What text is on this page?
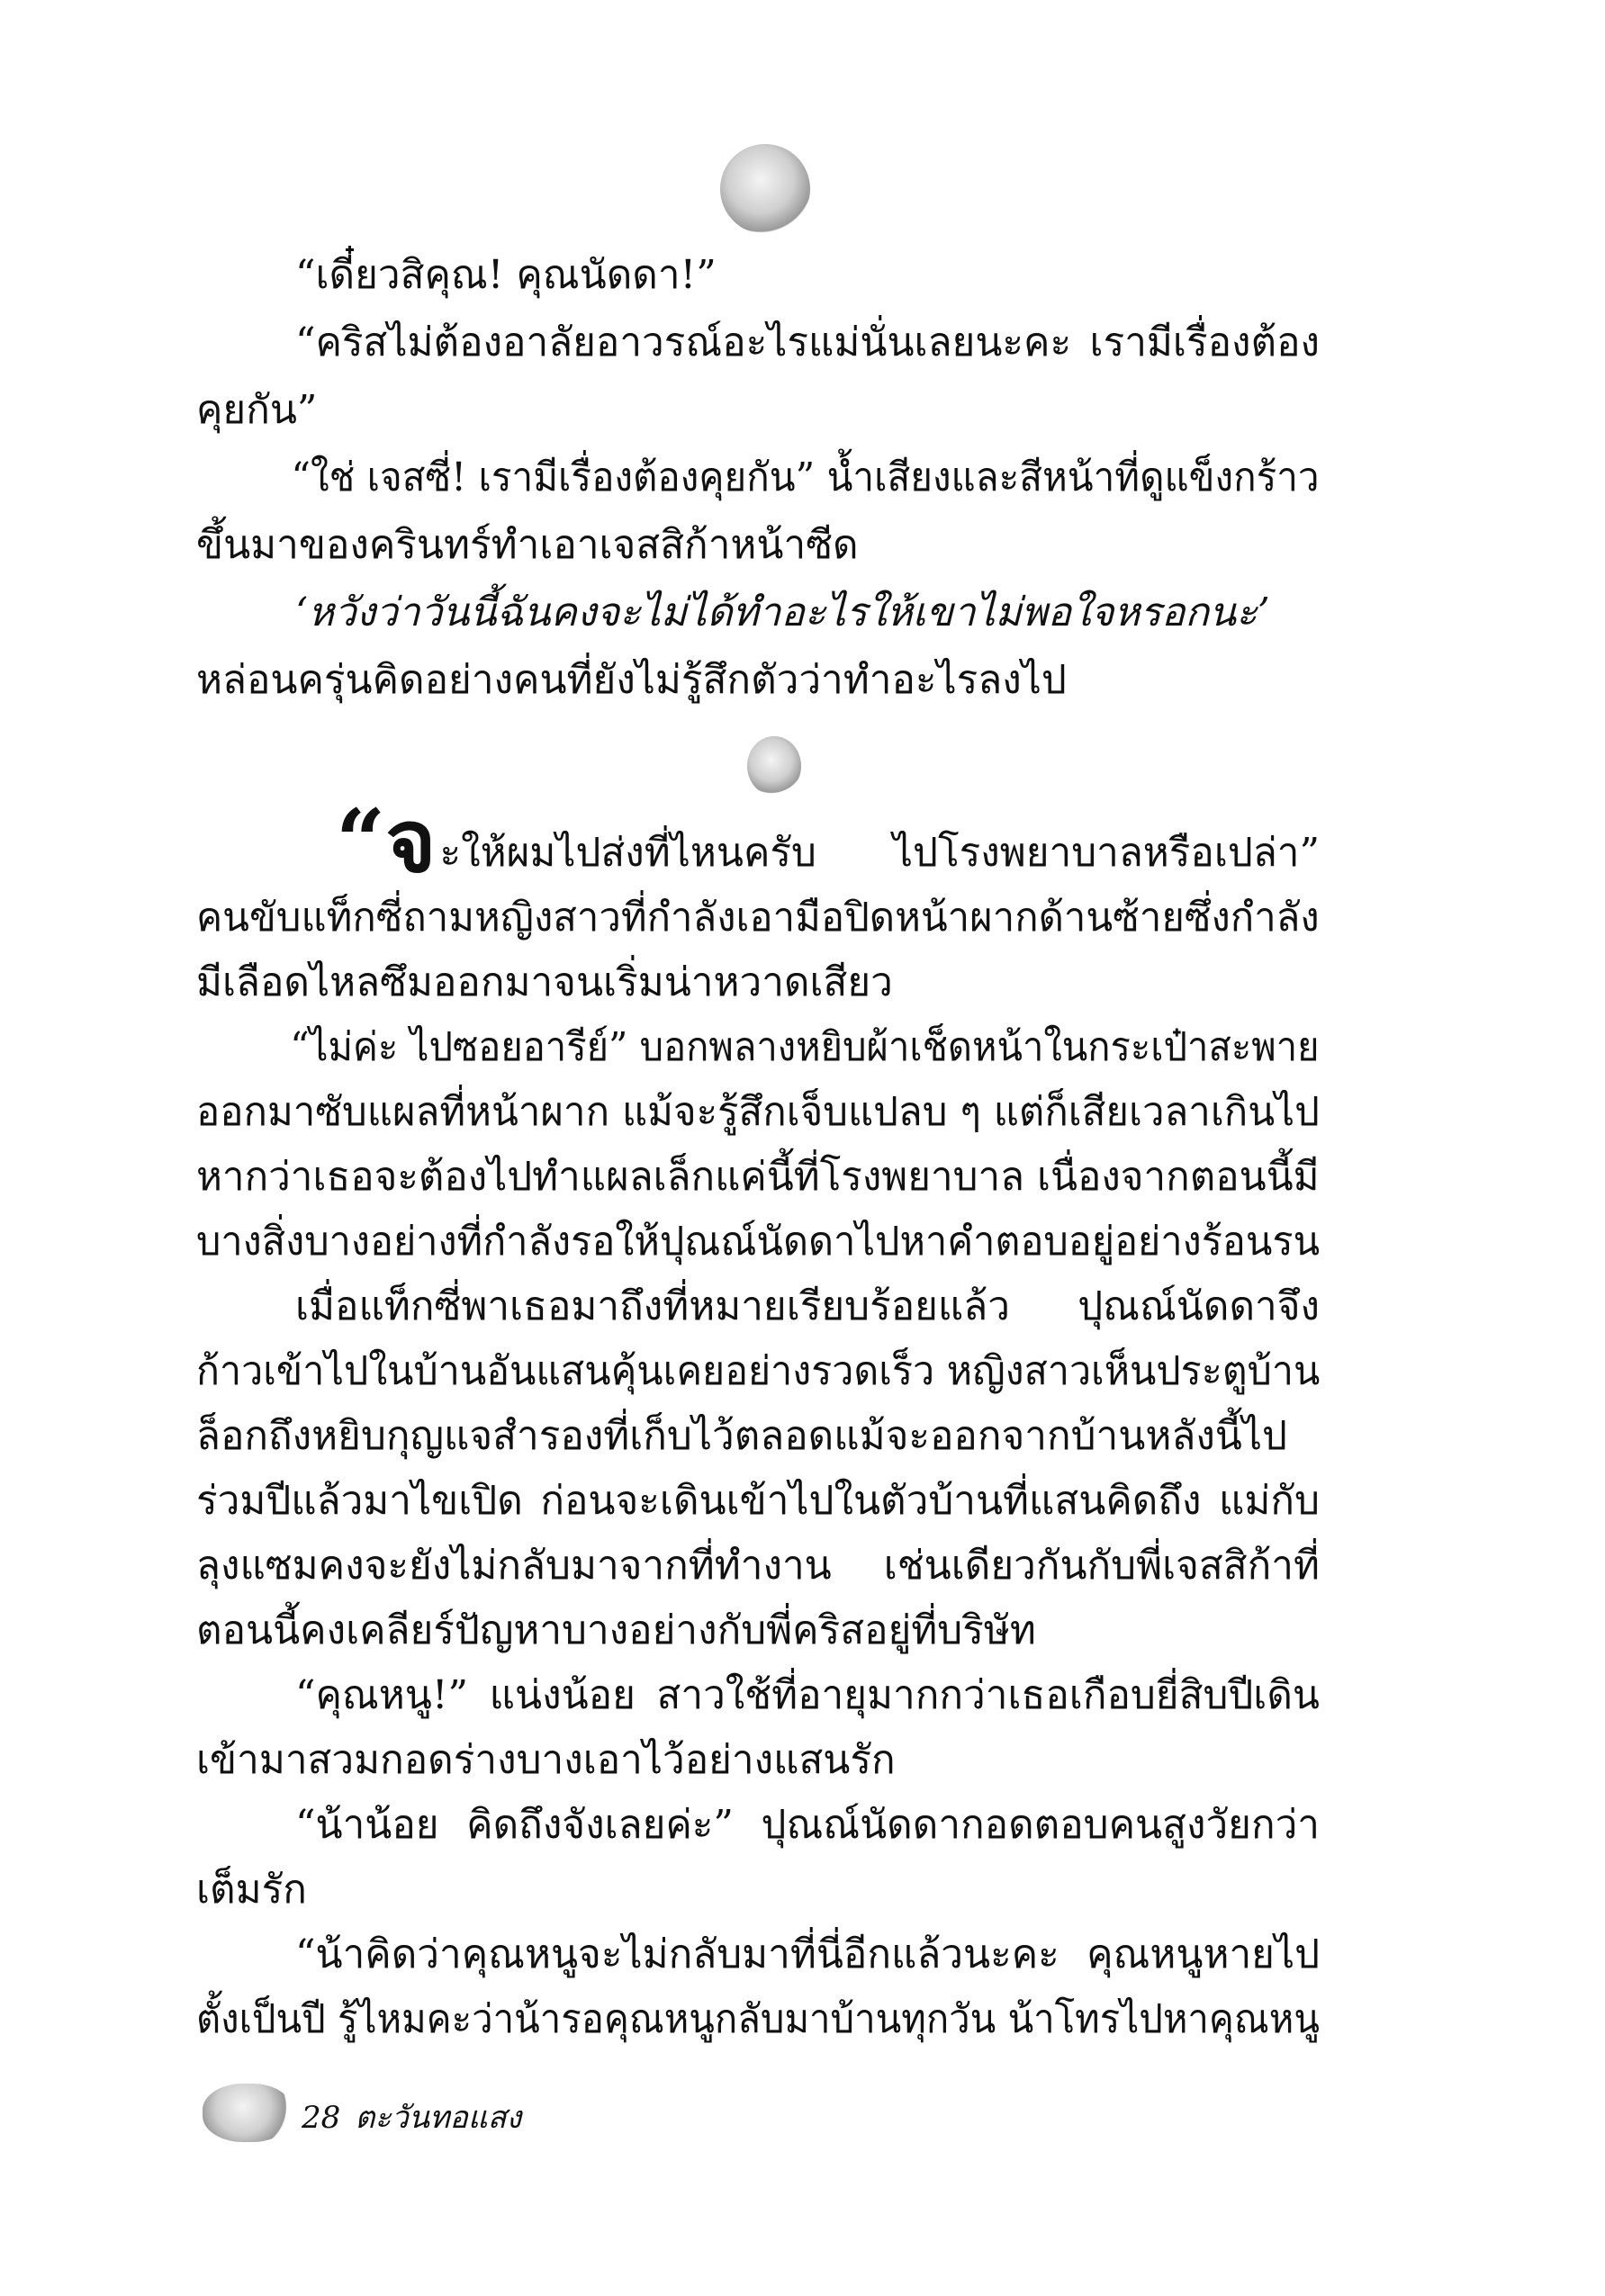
“เดี๋ยวสิคุณ! คุณนัดดา!”
“คริสไม่ต้องอาลัยอาวรณ์อะไรแม่นั่นเลยนะคะ เรามีเรื่องต้อง
คุยกัน”
“ใช่ เจสซี่! เรามีเรื่องต้องคุยกัน” น้ำเสียงและสีหน้าที่ดูแข็งกร้าว
ขึ้นมาของครินทร์ทำเอาเจสสิก้าหน้าซีด
‘หวังว่าวันนี้ฉันคงจะไม่ได้ทำอะไรให้เขาไม่พอใจหรอกนะ’
หล่อนครุ่นคิดอย่างคนที่ยังไม่รู้สึกตัวว่าทำอะไรลงไป
“จะให้ผมไปส่งที่ไหนครับ ไปโรงพยาบาลหรือเปล่า”
คนขับแท็กซี่ถามหญิงสาวที่กำลังเอามือปิดหน้าผากด้านซ้ายซึ่งกำลัง
มีเลือดไหลซึมออกมาจนเริ่มน่าหวาดเสียว
“ไม่ค่ะ ไปซอยอารีย์” บอกพลางหยิบผ้าเช็ดหน้าในกระเป๋าสะพาย
ออกมาซับแผลที่หน้าผาก แม้จะรู้สึกเจ็บแปลบ ๆ แต่ก็เสียเวลาเกินไป
หากว่าเธอจะต้องไปทำแผลเล็กแค่นี้ที่โรงพยาบาล เนื่องจากตอนนี้มี
บางสิ่งบางอย่างที่กำลังรอให้ปุณณ์นัดดาไปหาคำตอบอยู่อย่างร้อนรน
เมื่อแท็กซี่พาเธอมาถึงที่หมายเรียบร้อยแล้ว ปุณณ์นัดดาจึง
ก้าวเข้าไปในบ้านอันแสนคุ้นเคยอย่างรวดเร็ว หญิงสาวเห็นประตูบ้าน
ล็อกถึงหยิบกุญแจสำรองที่เก็บไว้ตลอดแม้จะออกจากบ้านหลังนี้ไป
ร่วมปีแล้วมาไขเปิด ก่อนจะเดินเข้าไปในตัวบ้านที่แสนคิดถึง แม่กับ
ลุงแซมคงจะยังไม่กลับมาจากที่ทำงาน เช่นเดียวกันกับพี่เจสสิก้าที่
ตอนนี้คงเคลียร์ปัญหาบางอย่างกับพี่คริสอยู่ที่บริษัท
“คุณหนู!” แน่งน้อย สาวใช้ที่อายุมากกว่าเธอเกือบยี่สิบปีเดิน
เข้ามาสวมกอดร่างบางเอาไว้อย่างแสนรัก
“น้าน้อย คิดถึงจังเลยค่ะ” ปุณณ์นัดดากอดตอบคนสูงวัยกว่า
เต็มรัก
“น้าคิดว่าคุณหนูจะไม่กลับมาที่นี่อีกแล้วนะคะ คุณหนูหายไป
ตั้งเป็นปี รู้ไหมคะว่าน้ารอคุณหนูกลับมาบ้านทุกวัน น้าโทรไปหาคุณหนู
28 ตะวันทอแสง
